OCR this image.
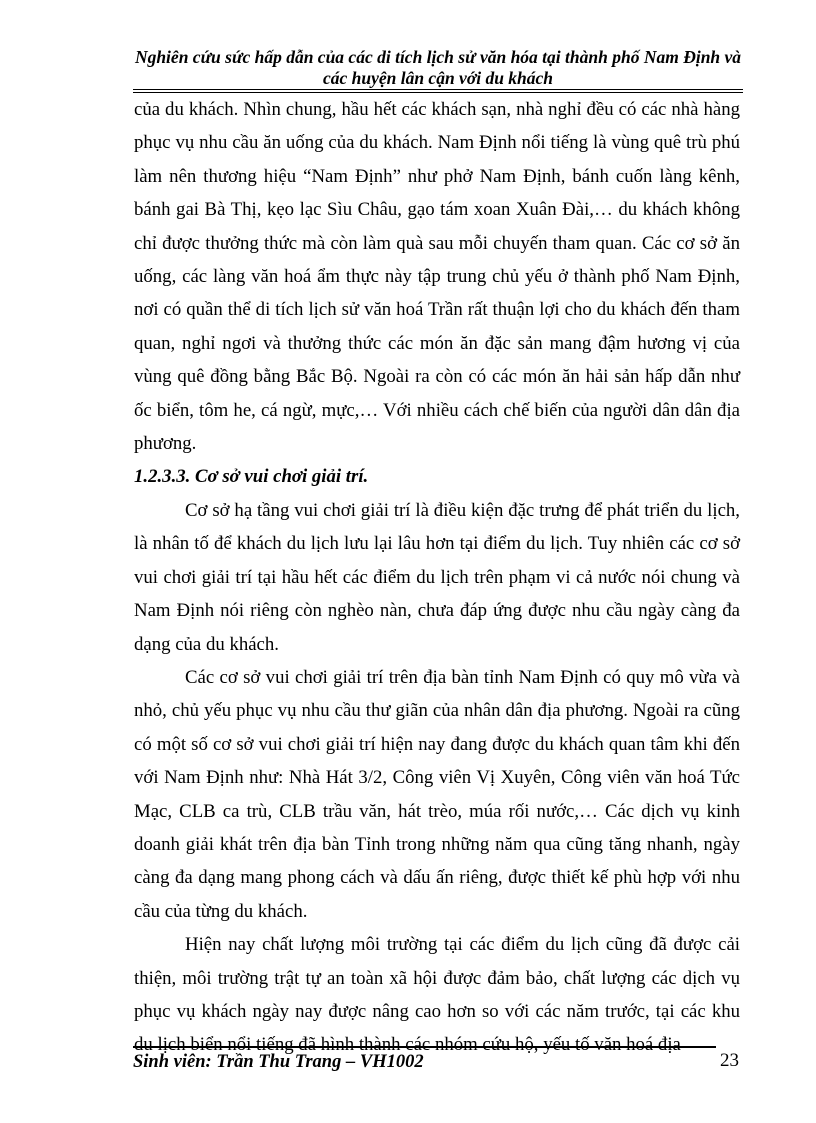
Nghiên cứu sức hấp dẫn của các di tích lịch sử văn hóa tại thành phố Nam Định và các huyện lân cận với du khách

của du khách. Nhìn chung, hầu hết các khách sạn, nhà nghỉ đều có các nhà hàng phục vụ nhu cầu ăn uống của du khách. Nam Định nổi tiếng là vùng quê trù phú làm nên thương hiệu “Nam Định” như phở Nam Định, bánh cuốn làng kênh, bánh gai Bà Thị, kẹo lạc Sìu Châu, gạo tám xoan Xuân Đài,… du khách không chỉ được thưởng thức mà còn làm quà sau mỗi chuyến tham quan. Các cơ sở ăn uống, các làng văn hoá ẩm thực này tập trung chủ yếu ở thành phố Nam Định, nơi có quần thể di tích lịch sử văn hoá Trần rất thuận lợi cho du khách đến tham quan, nghỉ ngơi và thưởng thức các món ăn đặc sản mang đậm hương vị của vùng quê đồng bằng Bắc Bộ. Ngoài ra còn có các món ăn hải sản hấp dẫn như ốc biển, tôm he, cá ngừ, mực,… Với nhiều cách chế biến của người dân dân địa phương.

1.2.3.3. Cơ sở vui chơi giải trí.

Cơ sở hạ tầng vui chơi giải trí là điều kiện đặc trưng để phát triển du lịch, là nhân tố để khách du lịch lưu lại lâu hơn tại điểm du lịch. Tuy nhiên các cơ sở vui chơi giải trí tại hầu hết các điểm du lịch trên phạm vi cả nước nói chung và Nam Định nói riêng còn nghèo nàn, chưa đáp ứng được nhu cầu ngày càng đa dạng của du khách.

Các cơ sở vui chơi giải trí trên địa bàn tỉnh Nam Định có quy mô vừa và nhỏ, chủ yếu phục vụ nhu cầu thư giãn của nhân dân địa phương. Ngoài ra cũng có một số cơ sở vui chơi giải trí hiện nay đang được du khách quan tâm khi đến với Nam Định như: Nhà Hát 3/2, Công viên Vị Xuyên, Công viên văn hoá Tức Mạc, CLB ca trù, CLB trầu văn, hát trèo, múa rối nước,… Các dịch vụ kinh doanh giải khát trên địa bàn Tỉnh trong những năm qua cũng tăng nhanh, ngày càng đa dạng mang phong cách và dấu ấn riêng, được thiết kế phù hợp với nhu cầu của từng du khách.

Hiện nay chất lượng môi trường tại các điểm du lịch cũng đã được cải thiện, môi trường trật tự an toàn xã hội được đảm bảo, chất lượng các dịch vụ phục vụ khách ngày nay được nâng cao hơn so với các năm trước, tại các khu du lịch biển nổi tiếng đã hình thành các nhóm cứu hộ, yếu tố văn hoá địa

Sinh viên: Trần Thu Trang – VH1002	23
